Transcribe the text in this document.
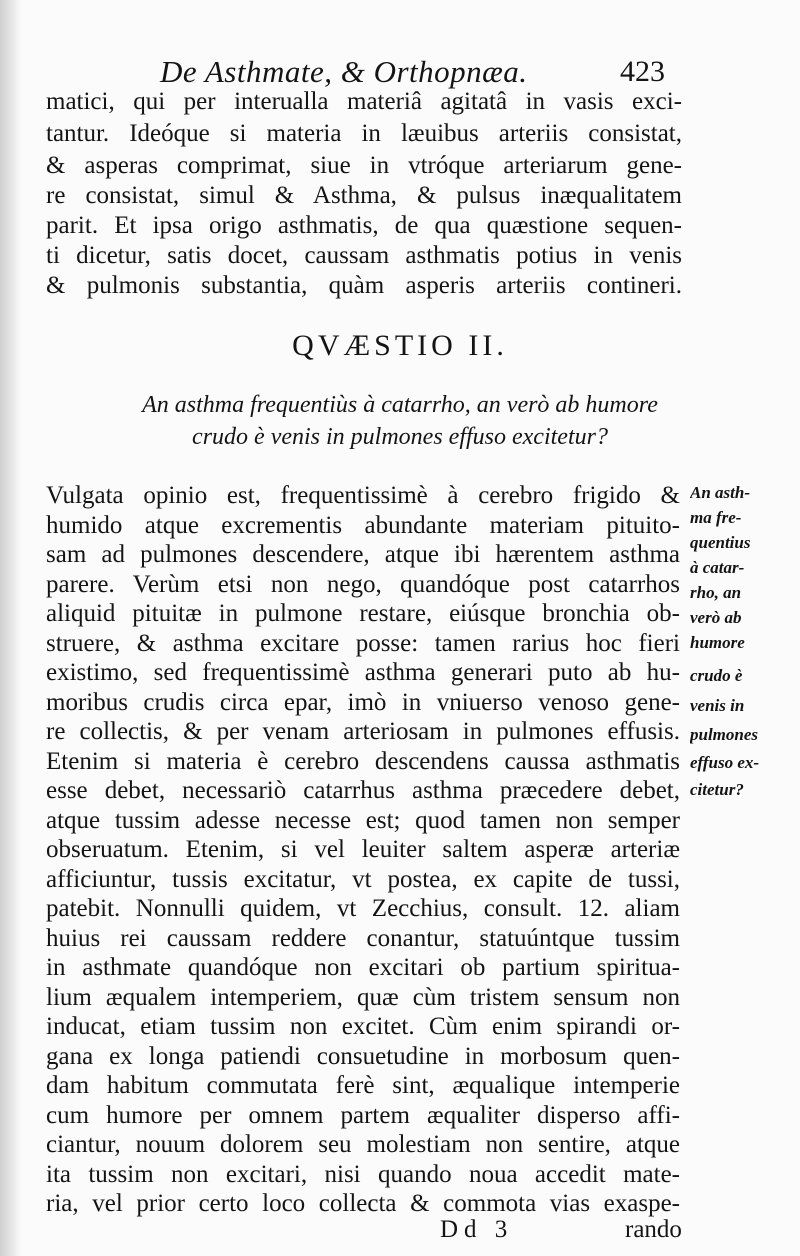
De Asthmate, & Orthopnæa.	423
matici, qui per interualla materiâ agitatâ in vasis exci-
tantur. Ideóque si materia in læuibus arteriis consistat,
& asperas comprimat, siue in vtróque arteriarum gene-
re consistat, simul & Asthma, & pulsus inæqualitatem
parit. Et ipsa origo asthmatis, de qua quæstione sequen-
ti dicetur, satis docet, caussam asthmatis potius in venis
& pulmonis substantia, quàm asperis arteriis contineri.
QVÆSTIO II.
An asthma frequentiùs à catarrho, an verò ab humore
crudo è venis in pulmones effuso excitetur?
Vulgata opinio est, frequentissimè à cerebro frigido &
humido atque excrementis abundante materiam pituito-
sam ad pulmones descendere, atque ibi hærentem asthma
parere. Verùm etsi non nego, quandóque post catarrhos
aliquid pituitæ in pulmone restare, eiúsque bronchia ob-
struere, & asthma excitare posse: tamen rarius hoc fieri
existimo, sed frequentissimè asthma generari puto ab hu-
moribus crudis circa epar, imò in vniuerso venoso gene-
re collectis, & per venam arteriosam in pulmones effusis.
Etenim si materia è cerebro descendens caussa asthmatis
esse debet, necessariò catarrhus asthma præcedere debet,
atque tussim adesse necesse est; quod tamen non semper
obseruatum. Etenim, si vel leuiter saltem asperæ arteriæ
afficiuntur, tussis excitatur, vt postea, ex capite de tussi,
patebit. Nonnulli quidem, vt Zecchius, consult. 12. aliam
huius rei caussam reddere conantur, statuúntque tussim
in asthmate quandóque non excitari ob partium spiritua-
lium æqualem intemperiem, quæ cùm tristem sensum non
inducat, etiam tussim non excitet. Cùm enim spirandi or-
gana ex longa patiendi consuetudine in morbosum quen-
dam habitum commutata ferè sint, æqualique intemperie
cum humore per omnem partem æqualiter disperso affi-
ciantur, nouum dolorem seu molestiam non sentire, atque
ita tussim non excitari, nisi quando noua accedit mate-
ria, vel prior certo loco collecta & commota vias exaspe-
An asth-
ma fre-
quentius
à catar-
rho, an
verò ab
humore
crudo è
venis in
pulmones
effuso ex-
citetur?
Dd 3	rando
